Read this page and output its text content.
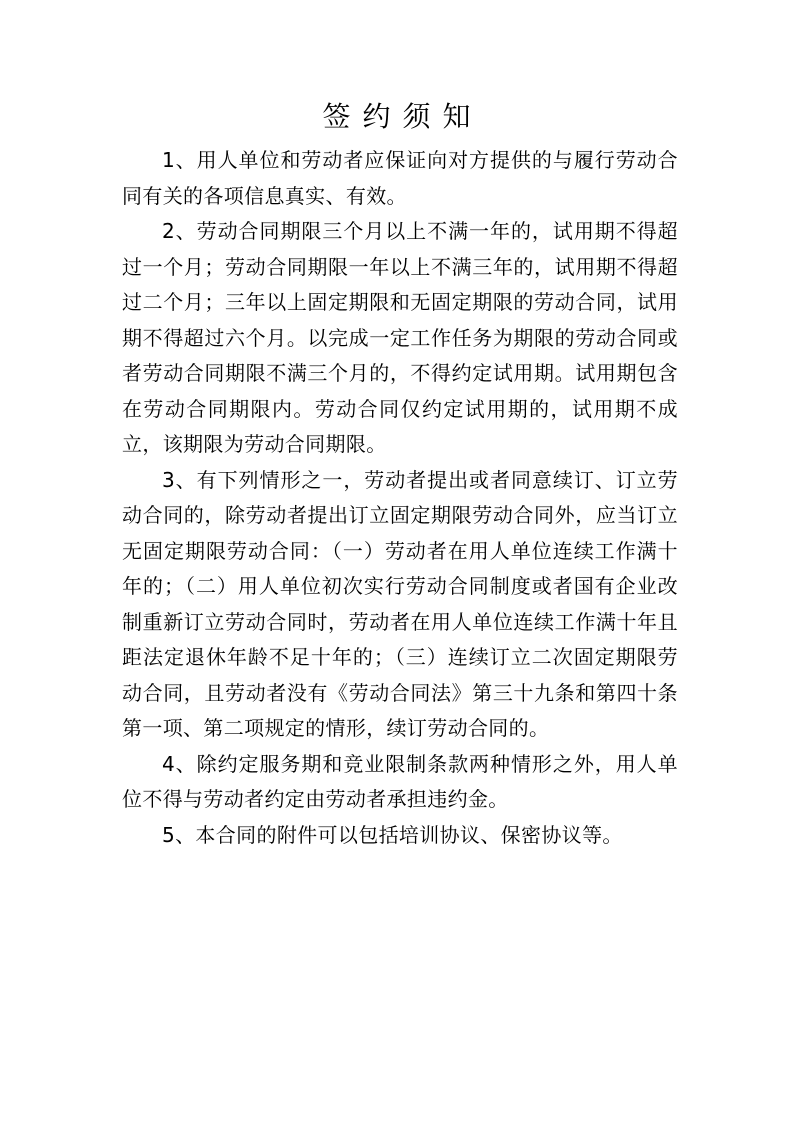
签约须知

1、用人单位和劳动者应保证向对方提供的与履行劳动合同有关的各项信息真实、有效。

2、劳动合同期限三个月以上不满一年的，试用期不得超过一个月；劳动合同期限一年以上不满三年的，试用期不得超过二个月；三年以上固定期限和无固定期限的劳动合同，试用期不得超过六个月。以完成一定工作任务为期限的劳动合同或者劳动合同期限不满三个月的，不得约定试用期。试用期包含在劳动合同期限内。劳动合同仅约定试用期的，试用期不成立，该期限为劳动合同期限。

3、有下列情形之一，劳动者提出或者同意续订、订立劳动合同的，除劳动者提出订立固定期限劳动合同外，应当订立无固定期限劳动合同：（一）劳动者在用人单位连续工作满十年的；（二）用人单位初次实行劳动合同制度或者国有企业改制重新订立劳动合同时，劳动者在用人单位连续工作满十年且距法定退休年龄不足十年的；（三）连续订立二次固定期限劳动合同，且劳动者没有《劳动合同法》第三十九条和第四十条第一项、第二项规定的情形，续订劳动合同的。

4、除约定服务期和竞业限制条款两种情形之外，用人单位不得与劳动者约定由劳动者承担违约金。

5、本合同的附件可以包括培训协议、保密协议等。
